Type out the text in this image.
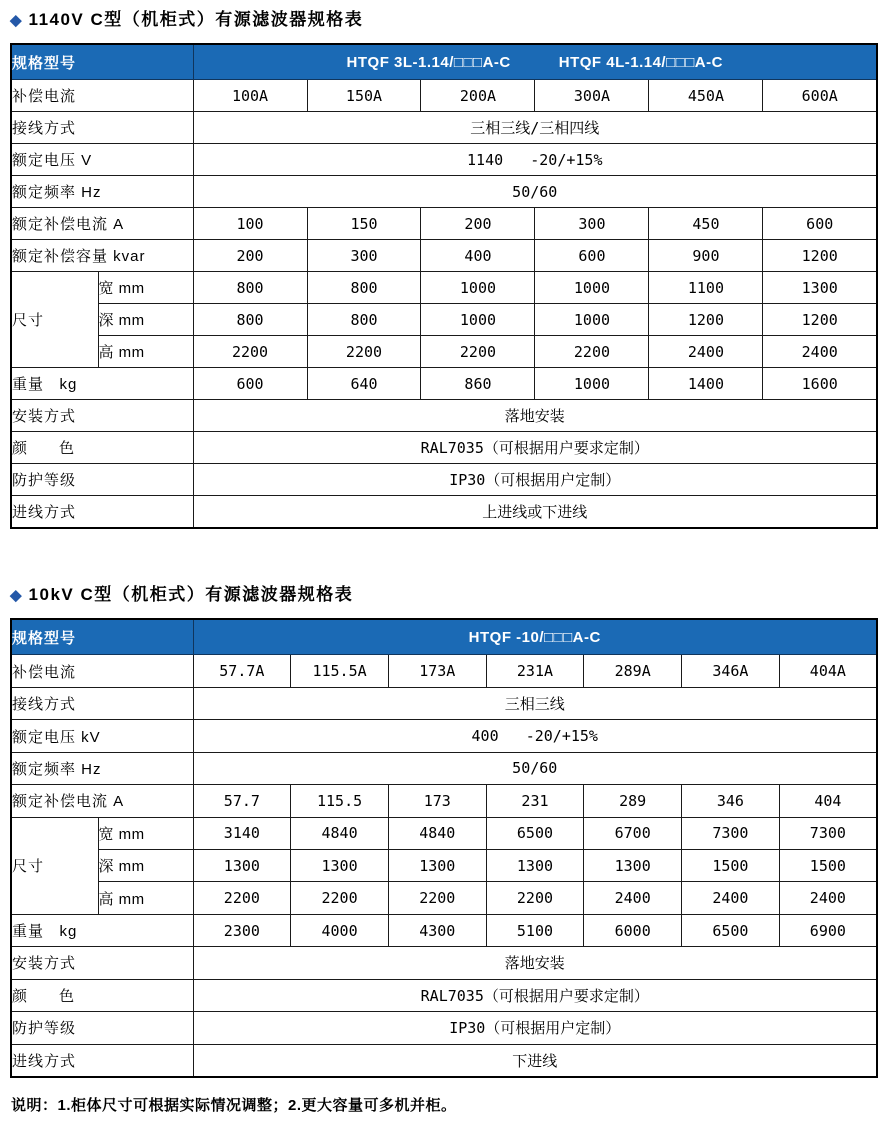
◆ 1140V C型（机柜式）有源滤波器规格表
规格型号		HTQF 3L-1.14/□□□A-C HTQF 4L-1.14/□□□A-C					

补偿电流		100A	150A	200A	300A	450A	600A
接线方式		三相三线/三相四线					
额定电压 V		1140   -20/+15%					
额定频率 Hz		50/60					
额定补偿电流 A		100	150	200	300	450	600
额定补偿容量 kvar		200	300	400	600	900	1200
尺寸	宽 mm	800	800	1000	1000	1100	1300
	深 mm	800	800	1000	1000	1200	1200
	高 mm	2200	2200	2200	2200	2400	2400
重量   kg		600	640	860	1000	1400	1600
安装方式		落地安装					
颜      色		RAL7035（可根据用户要求定制）					
防护等级		IP30（可根据用户定制）					
进线方式		上进线或下进线					
◆ 10kV C型（机柜式）有源滤波器规格表
规格型号		HTQF -10/□□□A-C						

补偿电流		57.7A	115.5A	173A	231A	289A	346A	404A
接线方式		三相三线						
额定电压 kV		400   -20/+15%						
额定频率 Hz		50/60						
额定补偿电流 A		57.7	115.5	173	231	289	346	404
尺寸	宽 mm	3140	4840	4840	6500	6700	7300	7300
	深 mm	1300	1300	1300	1300	1300	1500	1500
	高 mm	2200	2200	2200	2200	2400	2400	2400
重量   kg		2300	4000	4300	5100	6000	6500	6900
安装方式		落地安装						
颜      色		RAL7035（可根据用户要求定制）						
防护等级		IP30（可根据用户定制）						
进线方式		下进线						

说明：1.柜体尺寸可根据实际情况调整；2.更大容量可多机并柜。
